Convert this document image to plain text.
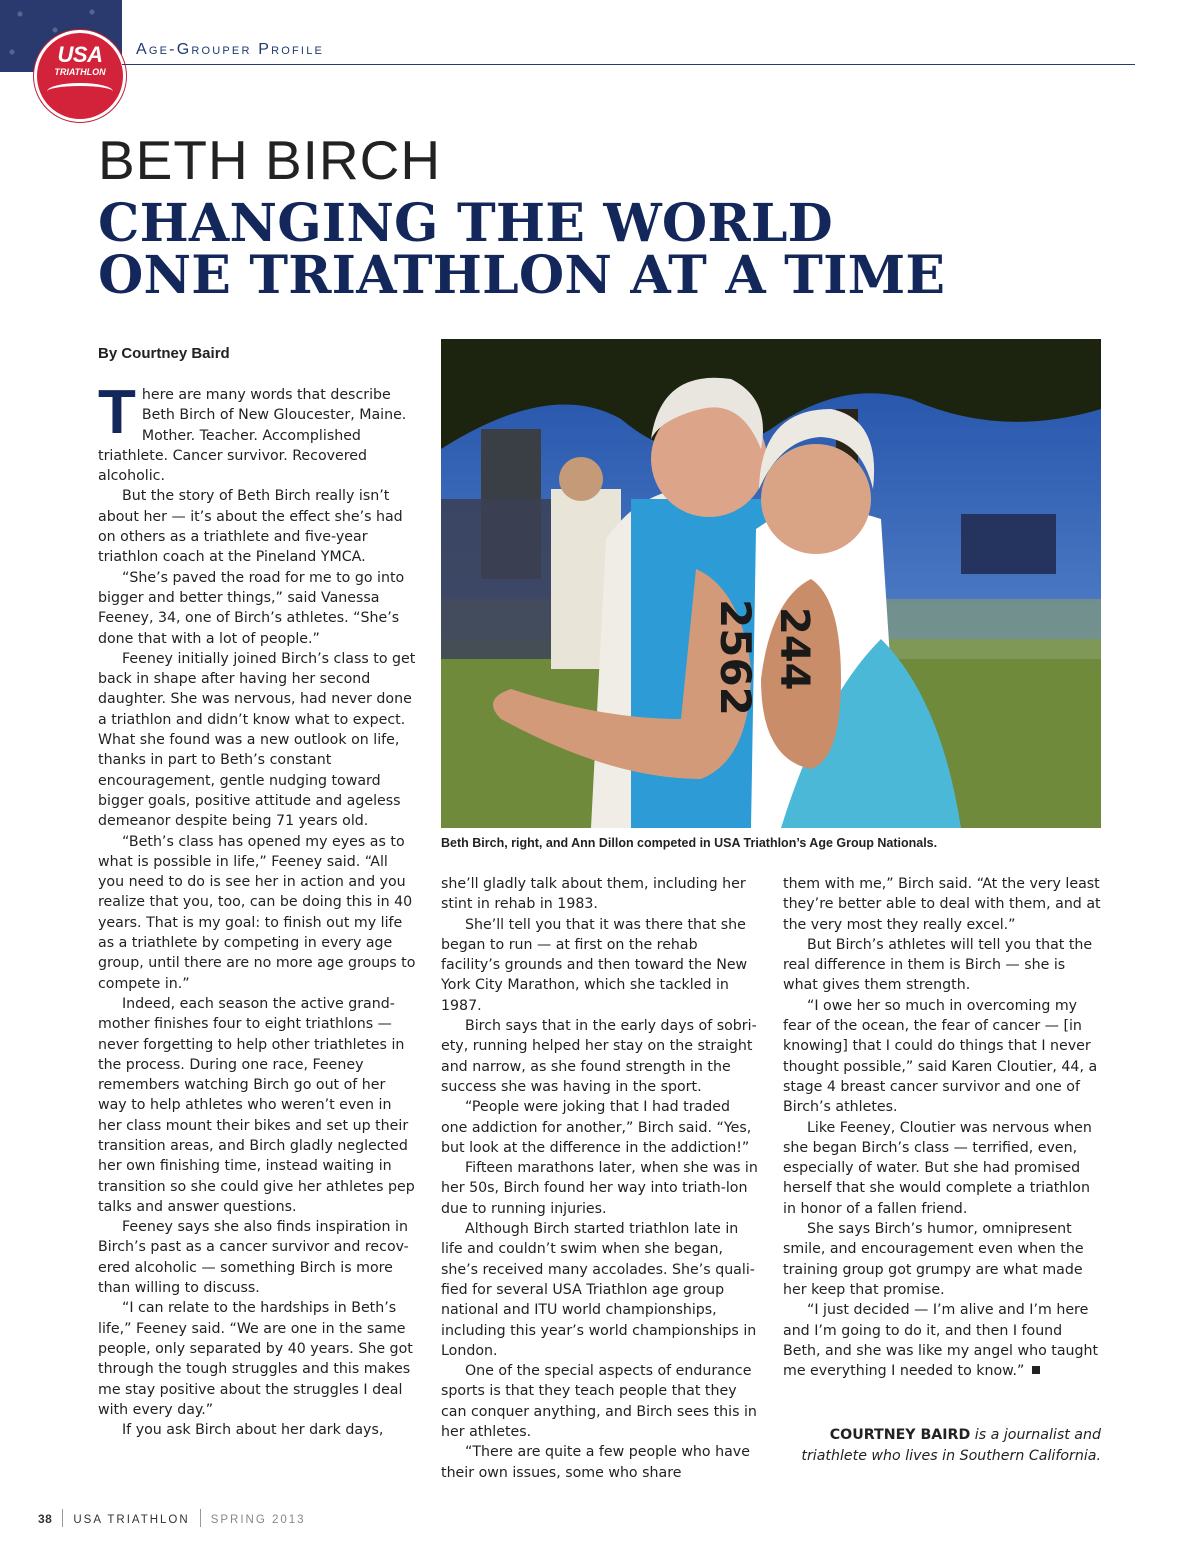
USA
TRIATHLON
Age-Grouper Profile
BETH BIRCH
CHANGING THE WORLD
ONE TRIATHLON AT A TIME
By Courtney Baird
2562 244
Beth Birch, right, and Ann Dillon competed in USA Triathlon’s Age Group Nationals.

There are many words that describe Beth Birch of New Gloucester, Maine. Mother. Teacher. Accomplished triathlete. Cancer survivor. Recovered alcoholic.

But the story of Beth Birch really isn’t about her — it’s about the effect she’s had on others as a triathlete and five-year triathlon coach at the Pineland YMCA.

“She’s paved the road for me to go into bigger and better things,” said Vanessa Feeney, 34, one of Birch’s athletes. “She’s done that with a lot of people.”

Feeney initially joined Birch’s class to get back in shape after having her second daughter. She was nervous, had never done a triathlon and didn’t know what to expect. What she found was a new outlook on life, thanks in part to Beth’s constant encouragement, gentle nudging toward bigger goals, positive attitude and ageless demeanor despite being 71 years old.

“Beth’s class has opened my eyes as to what is possible in life,” Feeney said. “All you need to do is see her in action and you realize that you, too, can be doing this in 40 years. That is my goal: to finish out my life as a triathlete by competing in every age group, until there are no more age groups to compete in.”

Indeed, each season the active grand-mother finishes four to eight triathlons — never forgetting to help other triathletes in the process. During one race, Feeney remembers watching Birch go out of her way to help athletes who weren’t even in her class mount their bikes and set up their transition areas, and Birch gladly neglected her own finishing time, instead waiting in transition so she could give her athletes pep talks and answer questions.

Feeney says she also finds inspiration in Birch’s past as a cancer survivor and recov-ered alcoholic — something Birch is more than willing to discuss.

“I can relate to the hardships in Beth’s life,” Feeney said. “We are one in the same people, only separated by 40 years. She got through the tough struggles and this makes me stay positive about the struggles I deal with every day.”

If you ask Birch about her dark days,

she’ll gladly talk about them, including her stint in rehab in 1983.

She’ll tell you that it was there that she began to run — at first on the rehab facility’s grounds and then toward the New York City Marathon, which she tackled in 1987.

Birch says that in the early days of sobri-ety, running helped her stay on the straight and narrow, as she found strength in the success she was having in the sport.

“People were joking that I had traded one addiction for another,” Birch said. “Yes, but look at the difference in the addiction!”

Fifteen marathons later, when she was in her 50s, Birch found her way into triath-lon due to running injuries.

Although Birch started triathlon late in life and couldn’t swim when she began, she’s received many accolades. She’s quali-fied for several USA Triathlon age group national and ITU world championships, including this year’s world championships in London.

One of the special aspects of endurance sports is that they teach people that they can conquer anything, and Birch sees this in her athletes.

“There are quite a few people who have their own issues, some who share

them with me,” Birch said. “At the very least they’re better able to deal with them, and at the very most they really excel.”

But Birch’s athletes will tell you that the real difference in them is Birch — she is what gives them strength.

“I owe her so much in overcoming my fear of the ocean, the fear of cancer — [in knowing] that I could do things that I never thought possible,” said Karen Cloutier, 44, a stage 4 breast cancer survivor and one of Birch’s athletes.

Like Feeney, Cloutier was nervous when she began Birch’s class — terrified, even, especially of water. But she had promised herself that she would complete a triathlon in honor of a fallen friend.

She says Birch’s humor, omnipresent smile, and encouragement even when the training group got grumpy are what made her keep that promise.

“I just decided — I’m alive and I’m here and I’m going to do it, and then I found Beth, and she was like my angel who taught me everything I needed to know.”

COURTNEY BAIRD is a journalist and triathlete who lives in Southern California.
38 USA TRIATHLON SPRING 2013
